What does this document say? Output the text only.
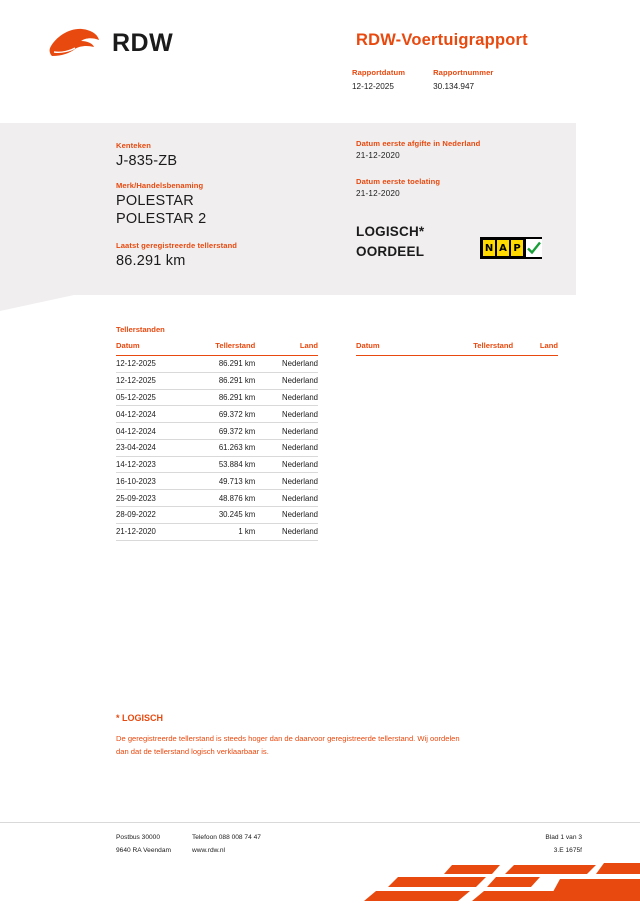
RDW	RDW-Voertuigrapport
Rapportdatum
12-12-2025
Rapportnummer
30.134.947
Kenteken
J-835-ZB
Merk/Handelsbenaming
POLESTAR
POLESTAR 2
Laatst geregistreerde tellerstand
86.291 km
Datum eerste afgifte in Nederland
21-12-2020
Datum eerste toelating
21-12-2020
LOGISCH*
OORDEEL	N A P
Tellerstanden
Datum	Tellerstand	Land
12-12-2025	86.291 km	Nederland
12-12-2025	86.291 km	Nederland
05-12-2025	86.291 km	Nederland
04-12-2024	69.372 km	Nederland
04-12-2024	69.372 km	Nederland
23-04-2024	61.263 km	Nederland
14-12-2023	53.884 km	Nederland
16-10-2023	49.713 km	Nederland
25-09-2023	48.876 km	Nederland
28-09-2022	30.245 km	Nederland
21-12-2020	1 km	Nederland
Datum	Tellerstand	Land
* LOGISCH
De geregistreerde tellerstand is steeds hoger dan de daarvoor geregistreerde tellerstand. Wij oordelen dan dat de tellerstand logisch verklaarbaar is.
Postbus 30000
9640 RA Veendam
Telefoon 088 008 74 47
www.rdw.nl
Blad 1 van 3
3.E 1675f
